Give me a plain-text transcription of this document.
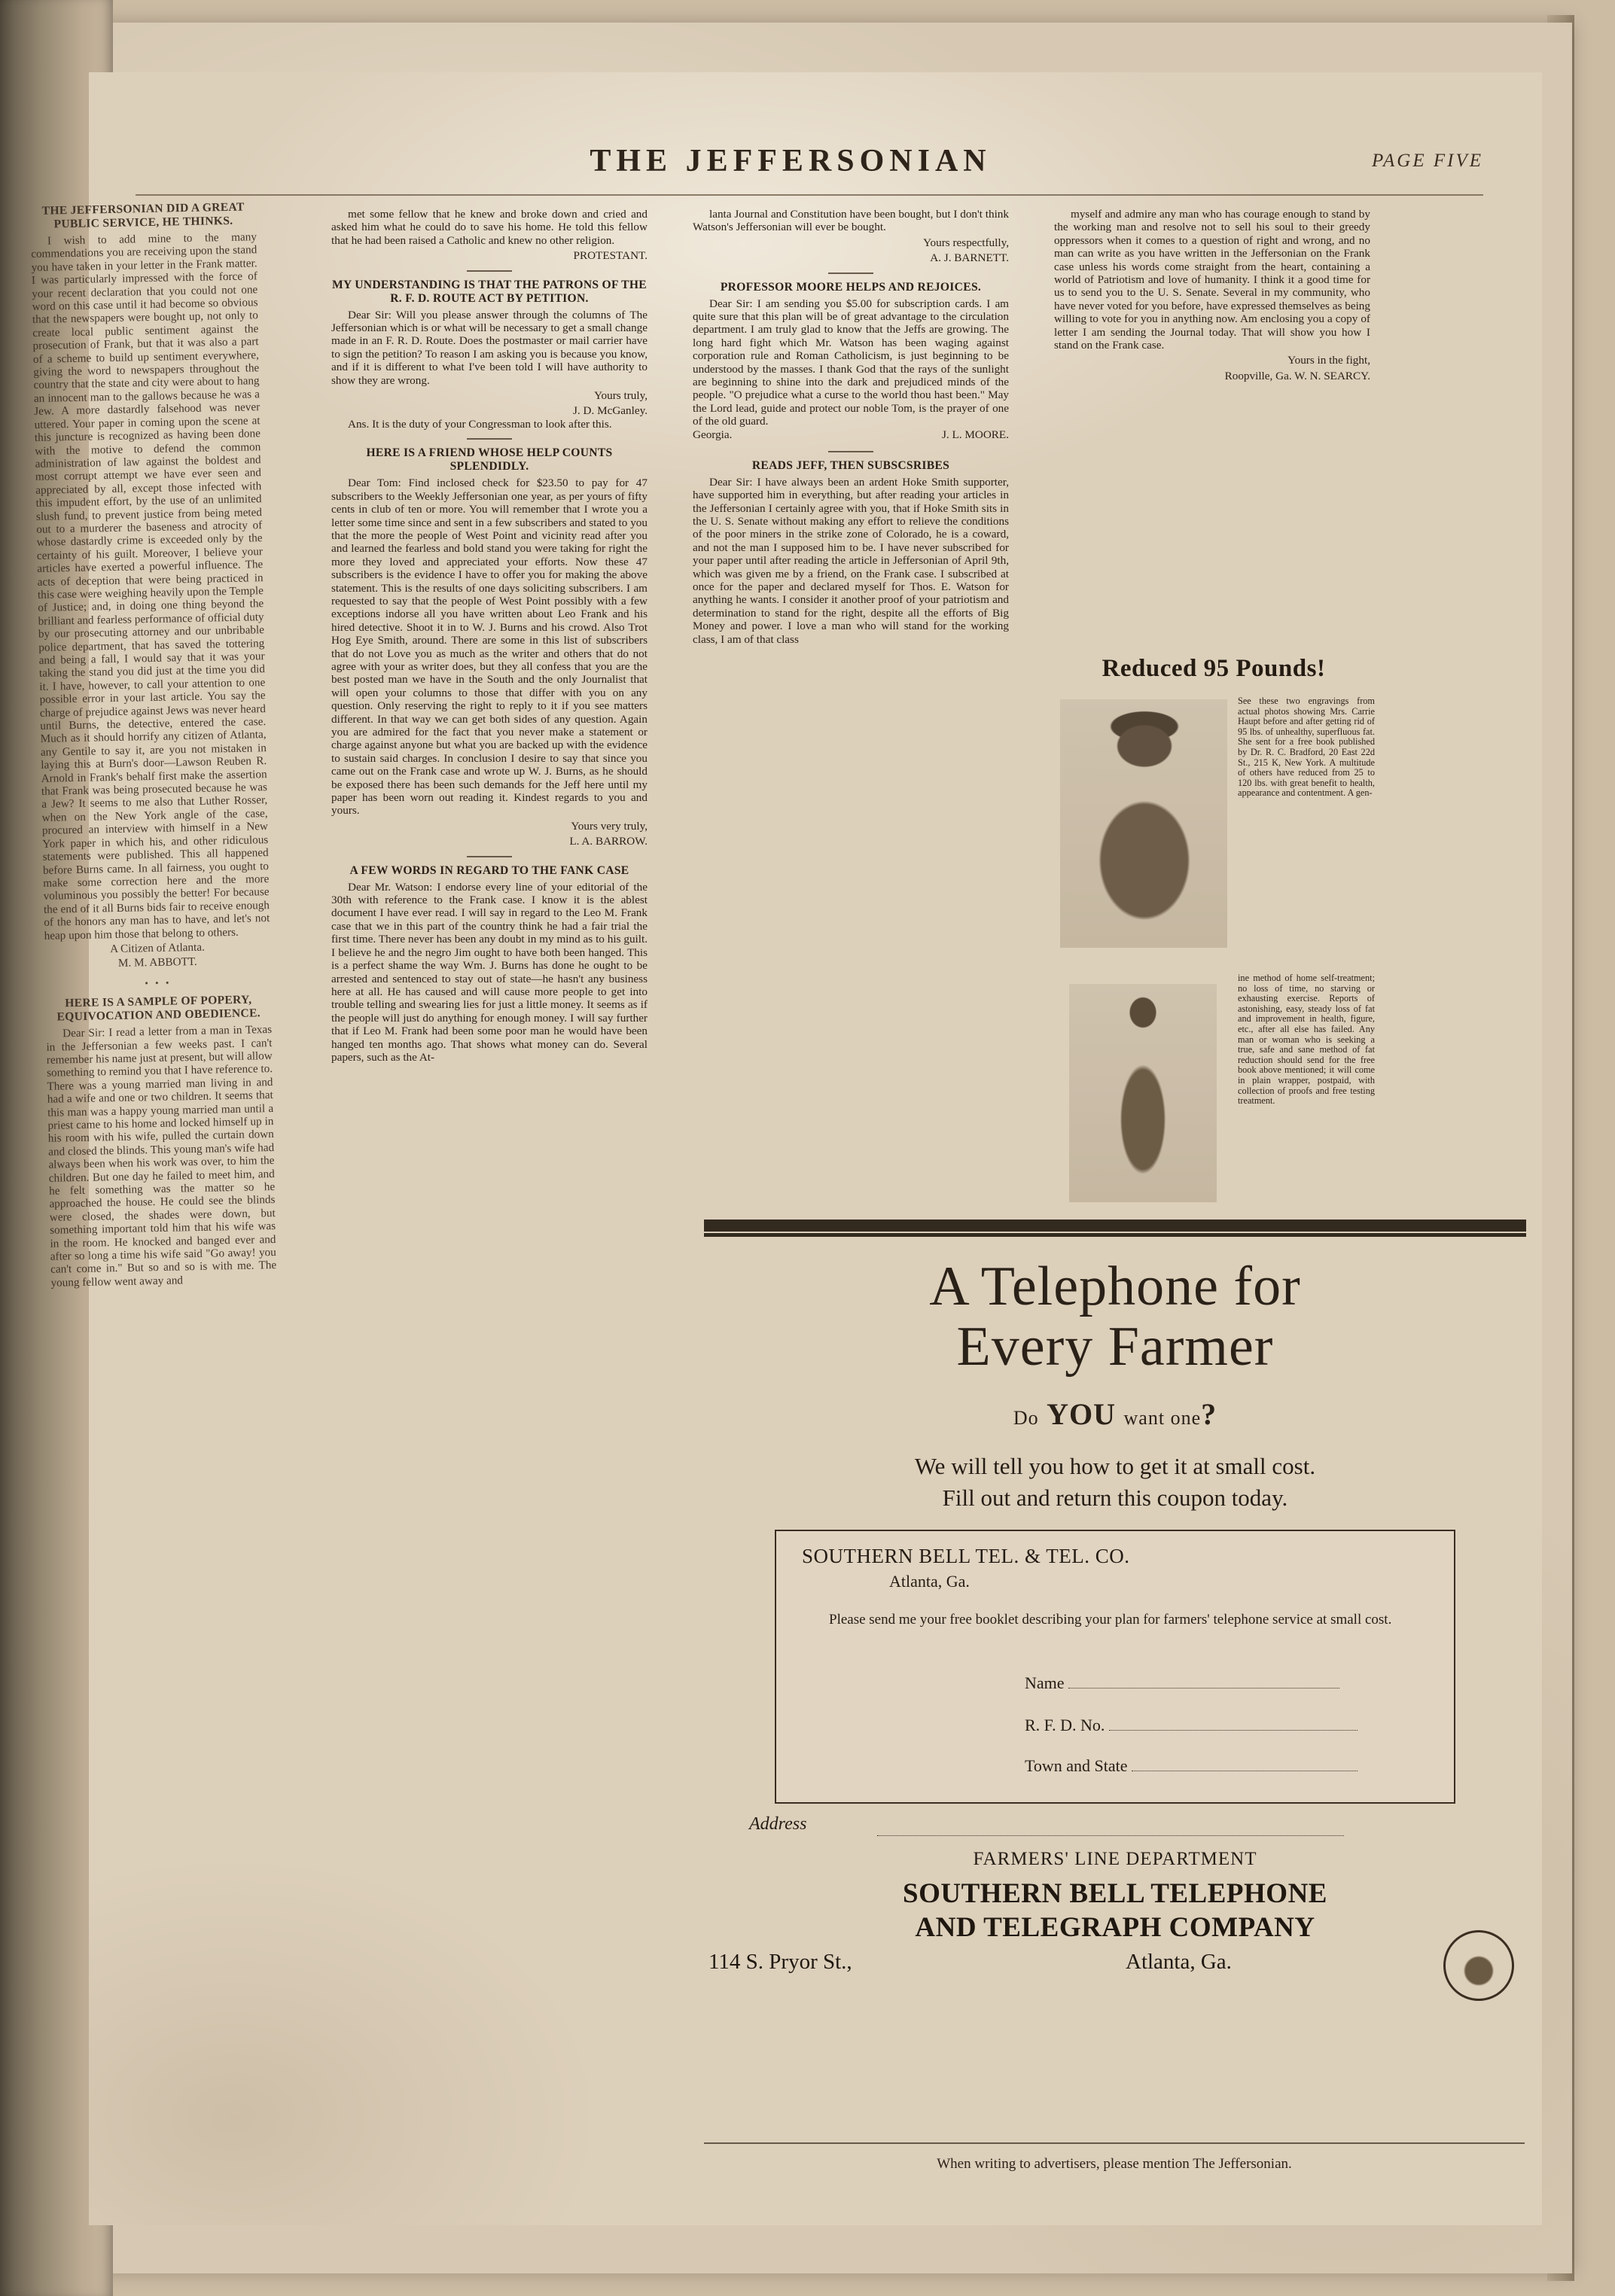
THE JEFFERSONIAN	PAGE FIVE
THE JEFFERSONIAN DID A GREAT PUBLIC SERVICE, HE THINKS.
I wish to add mine to the many commendations you are receiving upon the stand you have taken in your letter in the Frank matter. I was particularly impressed with the force of your recent declaration that you could not one word on this case until it had become so obvious that the newspapers were bought up, not only to create local public sentiment against the prosecution of Frank, but that it was also a part of a scheme to build up sentiment everywhere, giving the word to newspapers throughout the country that the state and city were about to hang an innocent man to the gallows because he was a Jew. A more dastardly falsehood was never uttered. Your paper in coming upon the scene at this juncture is recognized as having been done with the motive to defend the common administration of law against the boldest and most corrupt attempt we have ever seen and appreciated by all, except those infected with this impudent effort, by the use of an unlimited slush fund, to prevent justice from being meted out to a murderer the baseness and atrocity of whose dastardly crime is exceeded only by the certainty of his guilt. Moreover, I believe your articles have exerted a powerful influence. The acts of deception that were being practiced in this case were weighing heavily upon the Temple of Justice; and, in doing one thing beyond the brilliant and fearless performance of official duty by our prosecuting attorney and our unbribable police department, that has saved the tottering and being a fall, I would say that it was your taking the stand you did just at the time you did it. I have, however, to call your attention to one possible error in your last article. You say the charge of prejudice against Jews was never heard until Burns, the detective, entered the case. Much as it should horrify any citizen of Atlanta, any Gentile to say it, are you not mistaken in laying this at Burn's door—Lawson Reuben R. Arnold in Frank's behalf first make the assertion that Frank was being prosecuted because he was a Jew? It seems to me also that Luther Rosser, when on the New York angle of the case, procured an interview with himself in a New York paper in which his, and other ridiculous statements were published. This all happened before Burns came. In all fairness, you ought to make some correction here and the more voluminous you possibly the better! For because the end of it all Burns bids fair to receive enough of the honors any man has to have, and let's not heap upon him those that belong to others.
A Citizen of Atlanta.
M. M. ABBOTT.
• • •
HERE IS A SAMPLE OF POPERY, EQUIVOCATION AND OBEDIENCE.
Dear Sir: I read a letter from a man in Texas in the Jeffersonian a few weeks past. I can't remember his name just at present, but will allow something to remind you that I have reference to. There was a young married man living in and had a wife and one or two children. It seems that this man was a happy young married man until a priest came to his home and locked himself up in his room with his wife, pulled the curtain down and closed the blinds. This young man's wife had always been when his work was over, to him the children. But one day he failed to meet him, and he felt something was the matter so he approached the house. He could see the blinds were closed, the shades were down, but something important told him that his wife was in the room. He knocked and banged ever and after so long a time his wife said "Go away! you can't come in." But so and so is with me. The young fellow went away and
met some fellow that he knew and broke down and cried and asked him what he could do to save his home. He told this fellow that he had been raised a Catholic and knew no other religion.
PROTESTANT.
MY UNDERSTANDING IS THAT THE PATRONS OF THE R. F. D. ROUTE ACT BY PETITION.
Dear Sir: Will you please answer through the columns of The Jeffersonian which is or what will be necessary to get a small change made in an F. R. D. Route. Does the postmaster or mail carrier have to sign the petition? To reason I am asking you is because you know, and if it is different to what I've been told I will have authority to show they are wrong.
Yours truly,
J. D. McGanley.
Ans. It is the duty of your Congressman to look after this.
HERE IS A FRIEND WHOSE HELP COUNTS SPLENDIDLY.
Dear Tom: Find inclosed check for $23.50 to pay for 47 subscribers to the Weekly Jeffersonian one year, as per yours of fifty cents in club of ten or more. You will remember that I wrote you a letter some time since and sent in a few subscribers and stated to you that the more the people of West Point and vicinity read after you and learned the fearless and bold stand you were taking for right the more they loved and appreciated your efforts. Now these 47 subscribers is the evidence I have to offer you for making the above statement. This is the results of one days soliciting subscribers. I am requested to say that the people of West Point possibly with a few exceptions indorse all you have written about Leo Frank and his hired detective. Shoot it in to W. J. Burns and his crowd. Also Trot Hog Eye Smith, around. There are some in this list of subscribers that do not Love you as much as the writer and others that do not agree with your as writer does, but they all confess that you are the best posted man we have in the South and the only Journalist that will open your columns to those that differ with you on any question. Only reserving the right to reply to it if you see matters different. In that way we can get both sides of any question. Again you are admired for the fact that you never make a statement or charge against anyone but what you are backed up with the evidence to sustain said charges. In conclusion I desire to say that since you came out on the Frank case and wrote up W. J. Burns, as he should be exposed there has been such demands for the Jeff here until my paper has been worn out reading it. Kindest regards to you and yours.
Yours very truly,
L. A. BARROW.
A FEW WORDS IN REGARD TO THE FANK CASE
Dear Mr. Watson: I endorse every line of your editorial of the 30th with reference to the Frank case. I know it is the ablest document I have ever read. I will say in regard to the Leo M. Frank case that we in this part of the country think he had a fair trial the first time. There never has been any doubt in my mind as to his guilt. I believe he and the negro Jim ought to have both been hanged. This is a perfect shame the way Wm. J. Burns has done he ought to be arrested and sentenced to stay out of state—he hasn't any business here at all. He has caused and will cause more people to get into trouble telling and swearing lies for just a little money. It seems as if the people will just do anything for enough money. I will say further that if Leo M. Frank had been some poor man he would have been hanged ten months ago. That shows what money can do. Several papers, such as the At-
lanta Journal and Constitution have been bought, but I don't think Watson's Jeffersonian will ever be bought.
Yours respectfully,
A. J. BARNETT.
PROFESSOR MOORE HELPS AND REJOICES.
Dear Sir: I am sending you $5.00 for subscription cards. I am quite sure that this plan will be of great advantage to the circulation department. I am truly glad to know that the Jeffs are growing. The long hard fight which Mr. Watson has been waging against corporation rule and Roman Catholicism, is just beginning to be understood by the masses. I thank God that the rays of the sunlight are beginning to shine into the dark and prejudiced minds of the people. "O prejudice what a curse to the world thou hast been." May the Lord lead, guide and protect our noble Tom, is the prayer of one of the old guard.
Georgia.	J. L. MOORE.
READS JEFF, THEN SUBSCSRIBES
Dear Sir: I have always been an ardent Hoke Smith supporter, have supported him in everything, but after reading your articles in the Jeffersonian I certainly agree with you, that if Hoke Smith sits in the U. S. Senate without making any effort to relieve the conditions of the poor miners in the strike zone of Colorado, he is a coward, and not the man I supposed him to be. I have never subscribed for your paper until after reading the article in Jeffersonian of April 9th, which was given me by a friend, on the Frank case. I subscribed at once for the paper and declared myself for Thos. E. Watson for anything he wants. I consider it another proof of your patriotism and determination to stand for the right, despite all the efforts of Big Money and power. I love a man who will stand for the working class, I am of that class
myself and admire any man who has courage enough to stand by the working man and resolve not to sell his soul to their greedy oppressors when it comes to a question of right and wrong, and no man can write as you have written in the Jeffersonian on the Frank case unless his words come straight from the heart, containing a world of Patriotism and love of humanity. I think it a good time for us to send you to the U. S. Senate. Several in my community, who have never voted for you before, have expressed themselves as being willing to vote for you in anything now. Am enclosing you a copy of letter I am sending the Journal today. That will show you how I stand on the Frank case.
Yours in the fight,
Roopville, Ga. W. N. SEARCY.
Reduced 95 Pounds!
See these two engravings from actual photos showing Mrs. Carrie Haupt before and after getting rid of 95 lbs. of unhealthy, superfluous fat. She sent for a free book published by Dr. R. C. Bradford, 20 East 22d St., 215 K, New York. A multitude of others have reduced from 25 to 120 lbs. with great benefit to health, appearance and contentment. A gen-
ine method of home self-treatment; no loss of time, no starving or exhausting exercise. Reports of astonishing, easy, steady loss of fat and improvement in health, figure, etc., after all else has failed. Any man or woman who is seeking a true, safe and sane method of fat reduction should send for the free book above mentioned; it will come in plain wrapper, postpaid, with collection of proofs and free testing treatment.
A Telephone for
Every Farmer
Do YOU want one?
We will tell you how to get it at small cost.
Fill out and return this coupon today.
SOUTHERN BELL TEL. & TEL. CO.
Atlanta, Ga.
Please send me your free booklet describing your plan for farmers' telephone service at small cost.
Name
R. F. D. No.
Town and State
Address
FARMERS' LINE DEPARTMENT
SOUTHERN BELL TELEPHONE
AND TELEGRAPH COMPANY
114 S. Pryor St.,	Atlanta, Ga.
When writing to advertisers, please mention The Jeffersonian.
